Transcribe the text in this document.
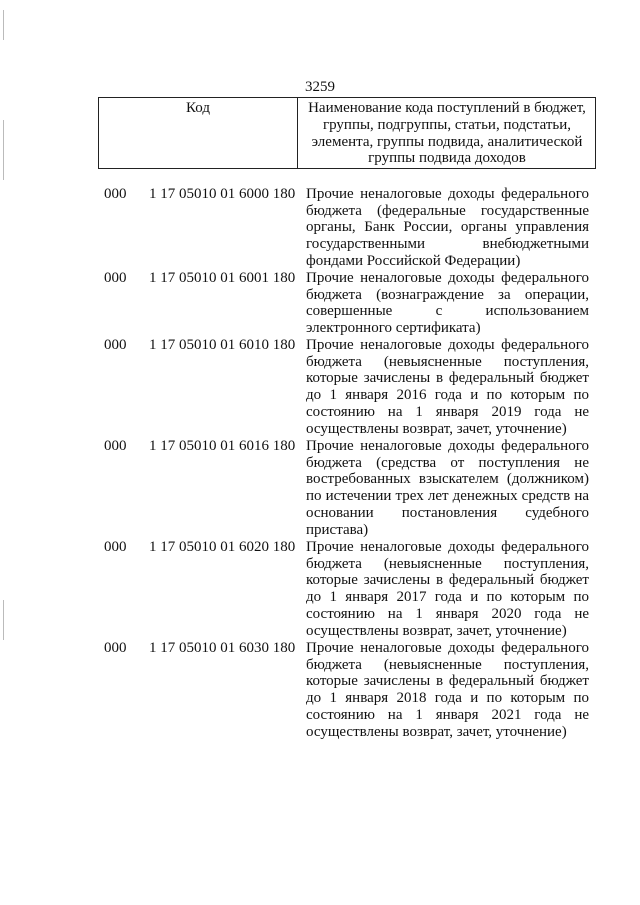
3259
Код	Наименование кода поступлений в бюджет, группы, подгруппы, статьи, подстатьи, элемента, группы подвида, аналитической группы подвида доходов
000 1 17 05010 01 6000 180 Прочие неналоговые доходы федерального бюджета (федеральные государственные органы, Банк России, органы управления государственными внебюджетными фондами Российской Федерации)
000 1 17 05010 01 6001 180 Прочие неналоговые доходы федерального бюджета (вознаграждение за операции, совершенные с использованием электронного сертификата)
000 1 17 05010 01 6010 180 Прочие неналоговые доходы федерального бюджета (невыясненные поступления, которые зачислены в федеральный бюджет до 1 января 2016 года и по которым по состоянию на 1 января 2019 года не осуществлены возврат, зачет, уточнение)
000 1 17 05010 01 6016 180 Прочие неналоговые доходы федерального бюджета (средства от поступления не востребованных взыскателем (должником) по истечении трех лет денежных средств на основании постановления судебного пристава)
000 1 17 05010 01 6020 180 Прочие неналоговые доходы федерального бюджета (невыясненные поступления, которые зачислены в федеральный бюджет до 1 января 2017 года и по которым по состоянию на 1 января 2020 года не осуществлены возврат, зачет, уточнение)
000 1 17 05010 01 6030 180 Прочие неналоговые доходы федерального бюджета (невыясненные поступления, которые зачислены в федеральный бюджет до 1 января 2018 года и по которым по состоянию на 1 января 2021 года не осуществлены возврат, зачет, уточнение)
